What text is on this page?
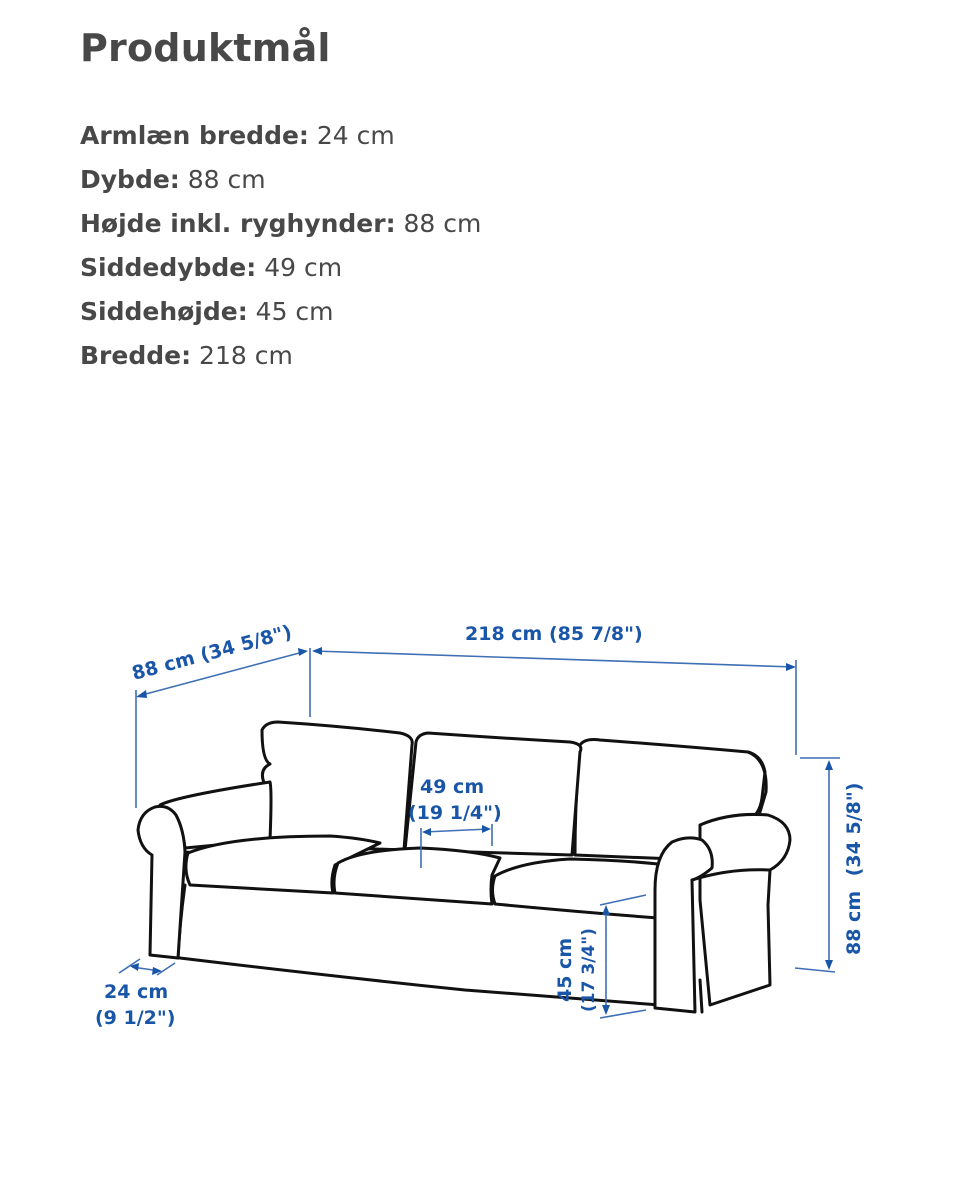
Produktmål
Armlæn bredde: 24 cm
Dybde: 88 cm
Højde inkl. ryghynder: 88 cm
Siddedybde: 49 cm
Siddehøjde: 45 cm
Bredde: 218 cm
88 cm (34 5/8")	218 cm (85 7/8")
88 cm (34 5/8")
49 cm
(19 1/4")
45 cm (17 3/4")
24 cm
(9 1/2")
